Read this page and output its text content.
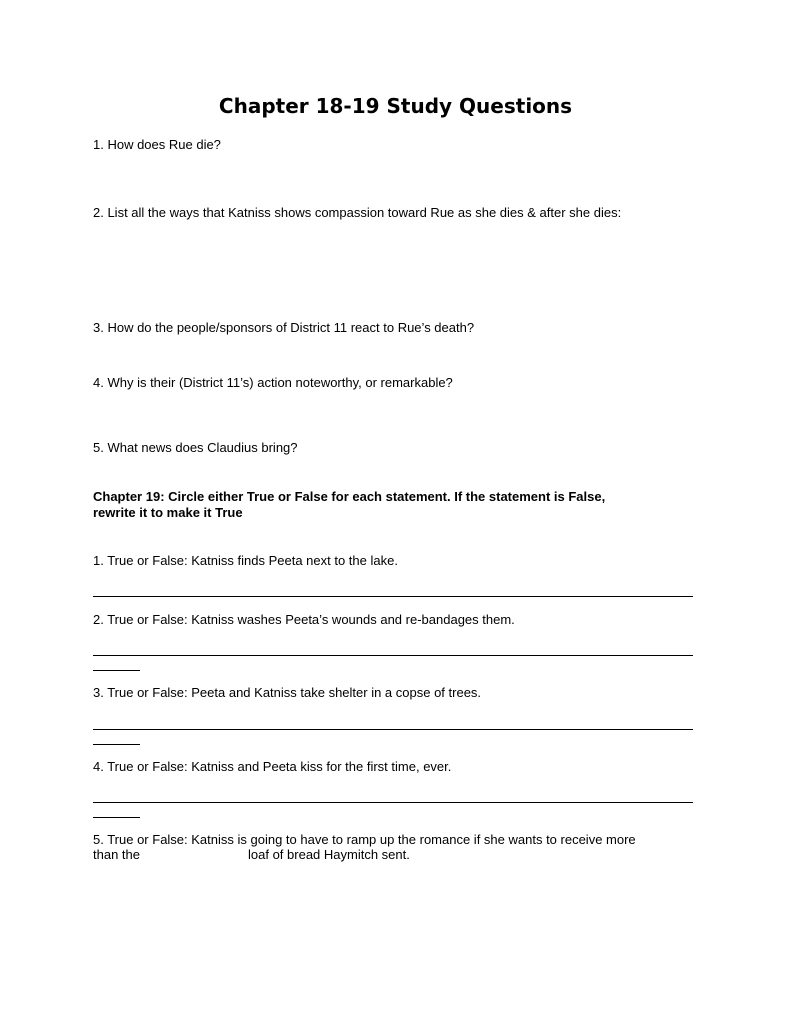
Chapter 18-19 Study Questions

1. How does Rue die?

2. List all the ways that Katniss shows compassion toward Rue as she dies & after she dies:

3. How do the people/sponsors of District 11 react to Rue’s death?

4. Why is their (District 11’s) action noteworthy, or remarkable?

5. What news does Claudius bring?

Chapter 19: Circle either True or False for each statement. If the statement is False,

rewrite it to make it True

1. True or False: Katniss finds Peeta next to the lake.

2. True or False: Katniss washes Peeta’s wounds and re-bandages them.

3. True or False: Peeta and Katniss take shelter in a copse of trees.

4. True or False: Katniss and Peeta kiss for the first time, ever.

5. True or False: Katniss is going to have to ramp up the romance if she wants to receive more

than the	loaf of bread Haymitch sent.
